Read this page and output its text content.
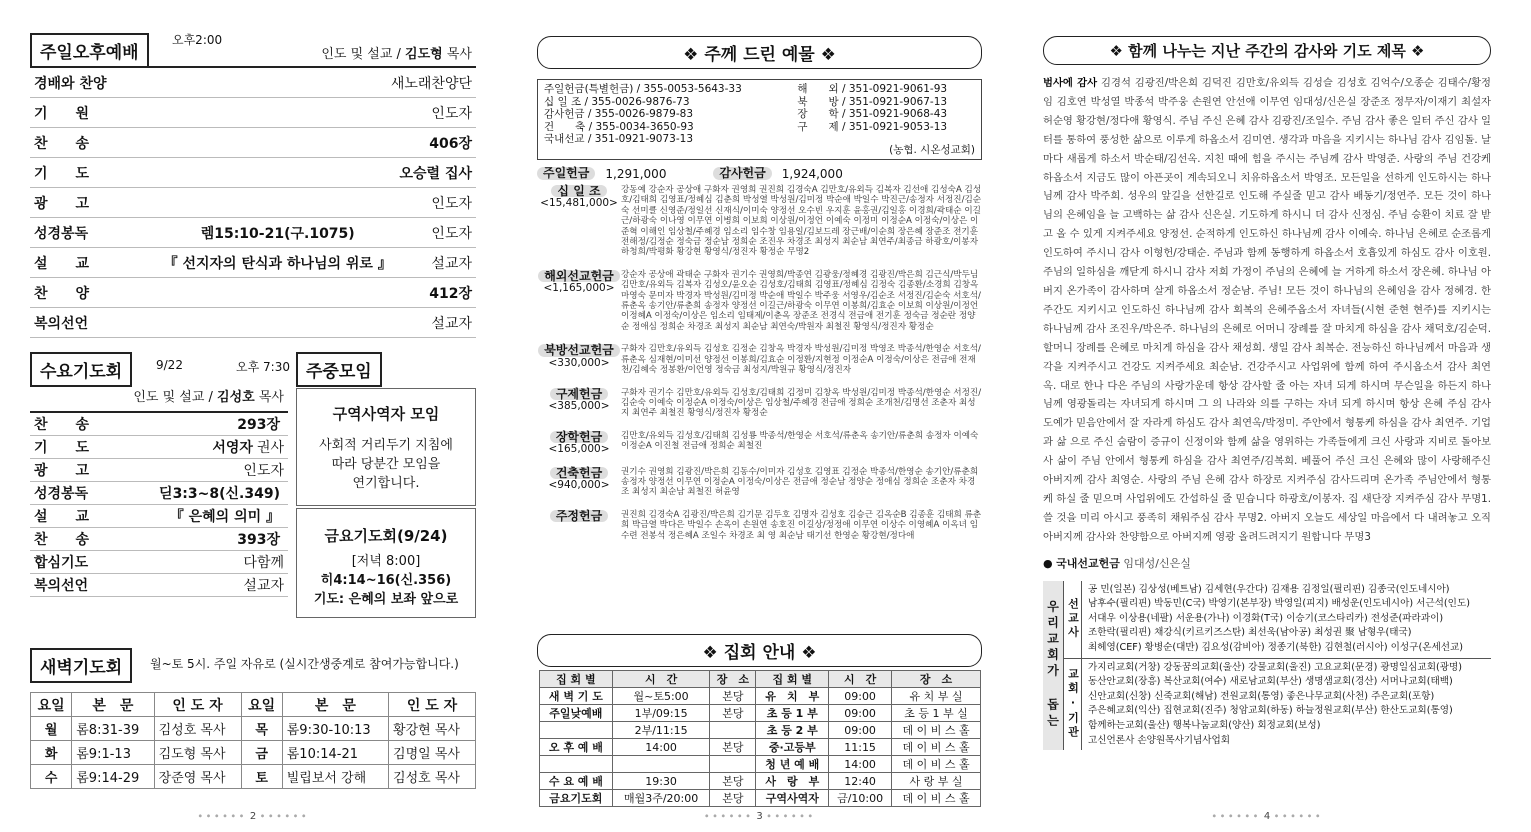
주일오후예배
오후2:00
인도 및 설교 / 김도형 목사
경배와 찬양	새노래찬양단
기　　원	인도자
찬　　송	406장
기　　도	오승렬 집사
광　　고	인도자
성경봉독	렘15:10-21(구.1075)	인도자
설　　교	『 선지자의 탄식과 하나님의 위로 』	설교자
찬　　양	412장
복의선언	설교자
수요기도회	9/22	오후 7:30
인도 및 설교 / 김성호 목사
찬　　송	293장
기　　도	서영자 권사
광　　고	인도자
성경봉독	딛3:3~8(신.349)
설　　교	『 은혜의 의미 』
찬　　송	393장
합심기도	다함께
복의선언	설교자
주중모임
구역사역자 모임
사회적 거리두기 지침에
따라 당분간 모임을
연기합니다.
금요기도회(9/24)
[저녁 8:00]
히4:14~16(신.356)
기도: 은혜의 보좌 앞으로
새벽기도회 월~토 5시. 주일 자유로 (실시간생중계로 참여가능합니다.)
요일	본　문	인 도 자	요일	본　문	인 도 자
월	롬8:31-39	김성호 목사	목	롬9:30-10:13	황강현 목사
화	롬9:1-13	김도형 목사	금	롬10:14-21	김명일 목사
수	롬9:14-29	장준영 목사	토	빌립보서 강해	김성호 목사
∙∙∙∙∙∙ 2 ∙∙∙∙∙∙
❖ 주께 드린 예물 ❖
주일헌금(특별헌금) / 355-0053-5643-33
십 일 조 / 355-0026-9876-73
감사헌금 / 355-0026-9879-83
건　　축 / 355-0034-3650-93
국내선교 / 351-0921-9073-13

해　　외 / 351-0921-9061-93
북　　방 / 351-0921-9067-13
장　　학 / 351-0921-9068-43
구　　제 / 351-0921-9053-13
(농협. 시온성교회)
주일헌금	1,291,000	감사헌금	1,924,000
십 일 조
<15,481,000>
강동예 강순자 공상애 구화자 권영희 권진희 김경숙A 김만호/유외득 김복자 김선애 김성숙A 김성호/김태희 김영표/정혜심 김춘희 박성열 박성원/김미정 박순애 박일수 박진근/송정자 서정진/김순숙 선미클 신영준/정일선 신재식/이미숙 양정선 오수빈 우지훈 윤홍권/김일홍 이경희/곽태순 이길근/하광숙 이나영 이무연 이병희 이보희 이상원/이정언 이예숙 이정미 이정순A 이정숙/이상은 이준혁 이해인 임상철/주혜경 임소리 임수창 임용일/김보드레 장근배/이순희 장은혜 장준조 전기훈 전해정/김정순 정숙금 정순남 정희순 조진우 차경조 최성지 최순남 최연주/최종금 하광호/이봉자 하청희/박평화 황강현 황영식/정진자 황정순 무명2
해외선교헌금
<1,165,000>
강순자 공상애 곽태순 구화자 권기수 권영희/박종연 김광웅/정혜경 김광진/박은희 김근식/박두님 김만호/유외득 김복자 김성오/윤오순 김성호/김태희 김영표/정혜심 김정숙 김종환/소경희 김창옥 마영숙 문미자 박경자 박성원/김미정 박순애 박일수 박주웅 서영우/김순조 서정진/김순숙 서호석/류춘옥 송기안/류춘희 송정자 양정선 이길근/하광숙 이무연 이봉희/김효순 이보희 이상원/이정언 이정혜A 이정숙/이상은 임소리 임태제/이춘옥 장준조 전경식 전금애 전기훈 정숙금 정순란 정양순 정애심 정희순 차경조 최성지 최순남 최연숙/박원자 최철진 황영식/정진자 황정순
북방선교헌금
<330,000>
구화자 김만호/유외득 김성호 김정순 김창옥 박경자 박성원/김미정 박영조 박종석/한영순 서호석/류춘옥 심재현/이미선 양정선 이봉희/김효순 이정환/지현정 이정순A 이정숙/이상은 전금애 전재천/김혜숙 정봉환/이언영 정숙금 최성지/박원규 황영식/정진자
구제헌금
<385,000>
구화자 권기수 김만호/유외득 김성호/김태희 김정미 김창옥 박성원/김미정 박종석/한영순 서정진/김순숙 이예숙 이정순A 이정숙/이상은 임상철/주혜경 전금애 정희순 조개천/김명선 조춘자 최성지 최연주 최철진 황영식/정진자 황정순
장학헌금
<165,000>
김만호/유외득 김성호/김태희 김성룡 박종석/한영순 서호석/류춘옥 송기안/류춘희 송정자 이예숙 이정순A 이진철 전금애 정희순 최철진
건축헌금
<940,000>
권기수 권영희 김광진/박은희 김동수/이미자 김성호 김영표 김정순 박종석/한영순 송기안/류춘희 송정자 양정선 이무연 이정순A 이정숙/이상은 전금애 정순남 정양순 정애심 정희순 조춘자 차경조 최성지 최순남 최철진 허윤영
주정헌금	권진희 김경숙A 김광진/박은희 김기문 김두호 김명자 김성호 김승근 김옥순B 김종훈 김태희 류춘희 박금열 박다은 박일수 손옥이 손원연 송호진 이길상/정정애 이무연 이상수 이영혜A 이옥녀 임수련 전봉석 정은혜A 조일수 차경조 최 영 최순남 태기선 한영순 황강현/정다애
❖ 집회 안내 ❖
집 회 별	시　간	장　소	집 회 별	시　간	장　소
새 벽 기 도	월~토5:00	본당	유　치　부	09:00	유 치 부 실
주일낮예배	1부/09:15	본당	초 등 1 부	09:00	초 등 1 부 실
	2부/11:15		초 등 2 부	09:00	데 이 비 스 홀
오 후 예 배	14:00	본당	중·고등부	11:15	데 이 비 스 홀
			청 년 예 배	14:00	데 이 비 스 홀
수 요 예 배	19:30	본당	사　랑　부	12:40	사 랑 부 실
금요기도회	매월3주/20:00	본당	구역사역자	금/10:00	데 이 비 스 홀
∙∙∙∙∙∙ 3 ∙∙∙∙∙∙
❖ 함께 나누는 지난 주간의 감사와 기도 제목 ❖
범사에 감사 김경석 김광진/박은희 김덕진 김만호/유외득 김성슬 김성호 김억수/오종순 김태수/황정임 김호연 박성열 박종석 박주웅 손원연 안선애 이무연 임대성/신은실 장준조 정무자/이재기 최설자 허순영 황강현/정다애 황영식. 주님 주신 은혜 감사 김광진/조일수. 주님 감사 좋은 일터 주신 감사 일터를 통하여 풍성한 삶으로 이루게 하옵소서 김미연. 생각과 마음을 지키시는 하나님 감사 김임돌. 날마다 새롭게 하소서 박순태/김선옥. 지친 때에 힘을 주시는 주님께 감사 박영준. 사랑의 주님 건강케 하옵소서 지금도 많이 아픈곳이 계속되오니 치유하옵소서 박영조. 모든일을 선하게 인도하시는 하나님께 감사 박주희. 성우의 앞길을 선한길로 인도해 주실줄 믿고 감사 배동기/정연주. 모든 것이 하나님의 은혜임을 늘 고백하는 삶 감사 신은실. 기도하게 하시니 더 감사 신정심. 주님 승환이 치료 잘 받고 올 수 있게 지켜주세요 양정선. 순적하게 인도하신 하나님께 감사 이예숙. 하나님 은혜로 순조롭게 인도하여 주시니 감사 이형헌/강태순. 주님과 함께 동행하게 하옵소서 호흡있게 하심도 감사 이호원. 주님의 일하심을 깨닫게 하시니 감사 저희 가정이 주님의 은혜에 늘 거하게 하소서 장은혜. 하나님 아버지 온가족이 감사하며 살게 하옵소서 정순남. 주님! 모든 것이 하나님의 은혜임을 감사 정혜경. 한주간도 지키시고 인도하신 하나님께 감사 회복의 은혜주옵소서 자녀들(시현 준현 현주)를 지키시는 하나님께 감사 조진우/박은주. 하나님의 은혜로 어머니 장례를 잘 마치게 하심을 감사 채덕호/김순덕. 할머니 장례를 은혜로 마치게 하심을 감사 채성희. 생일 감사 최복순. 전능하신 하나님께서 마음과 생각을 지켜주시고 건강도 지켜주세요 최순남. 건강주시고 사업위에 함께 하여 주시옵소서 감사 최연옥. 대로 한나 다은 주님의 사랑가운데 항상 감사할 줄 아는 자녀 되게 하시며 무슨일을 하든지 하나님께 영광돌리는 자녀되게 하시며 그 의 나라와 의를 구하는 자녀 되게 하시며 항상 은혜 주심 감사 도예가 믿음안에서 잘 자라게 하심도 감사 최연옥/박정미. 주안에서 형통케 하심을 감사 최연주. 기업과 삶 으로 주신 숨람이 증규이 신정이와 함께 삶을 영위하는 가족들에게 크신 사랑과 지비로 돌아보사 삶이 주님 안에서 형통케 하심을 감사 최연주/김복희. 베풀어 주신 크신 은혜와 많이 사랑해주신 아버지께 감사 최영순. 사랑의 주님 은혜 감사 하장로 지켜주심 감사드리며 온가족 주님안에서 형통케 하실 줄 믿으며 사업위에도 간섭하실 줄 믿습니다 하광호/이봉자. 집 새단장 지켜주심 감사 무명1. 쓸 것을 미리 아시고 풍족히 채워주심 감사 무명2. 아버지 오늘도 세상일 마음에서 다 내려놓고 오직 아버지께 감사와 찬양함으로 아버지께 영광 올려드려지기 원합니다 무명3
● 국내선교헌금 임대성/신은실
우리교회가 돕는 선교사
공 민(일본) 김상성(베트남) 김세현(우간다) 김재용 김정일(필리핀) 김종국(인도네시아)
남후수(필리핀) 박동민(C국) 박영기(본부장) 박영일(피지) 배성운(인도네시아) 서근석(인도)
서대우 이상용(네팔) 서운용(가나) 이경화(T국) 이승기(코스타리카) 전성준(파라과이)
조한락(필리핀) 채강식(키르키즈스탄) 최선욱(남아공) 최성권 聚 남형우(태국)
최헤영(CEF) 황병순(대만) 김요성(감비아) 정종기(북한) 김현철(러시아) 이성구(온세선교)
교회·기관
가지리교회(거창) 강동꿈의교회(울산) 강물교회(울진) 고요교회(문경) 광명일심교회(광명)
동산안교회(장흥) 복산교회(여수) 새로남교회(부산) 생명샘교회(경산) 서머나교회(태백)
신안교회(신창) 신죽교회(해남) 전원교회(통영) 좋은나무교회(사천) 주은교회(포항)
주은혜교회(익산) 집현교회(진주) 청암교회(하동) 하늘정원교회(부산) 한산도교회(통영)
함께하는교회(울산) 행복나눔교회(양산) 회정교회(보성)
고신언론사 손양원목사기념사업회
∙∙∙∙∙∙ 4 ∙∙∙∙∙∙
